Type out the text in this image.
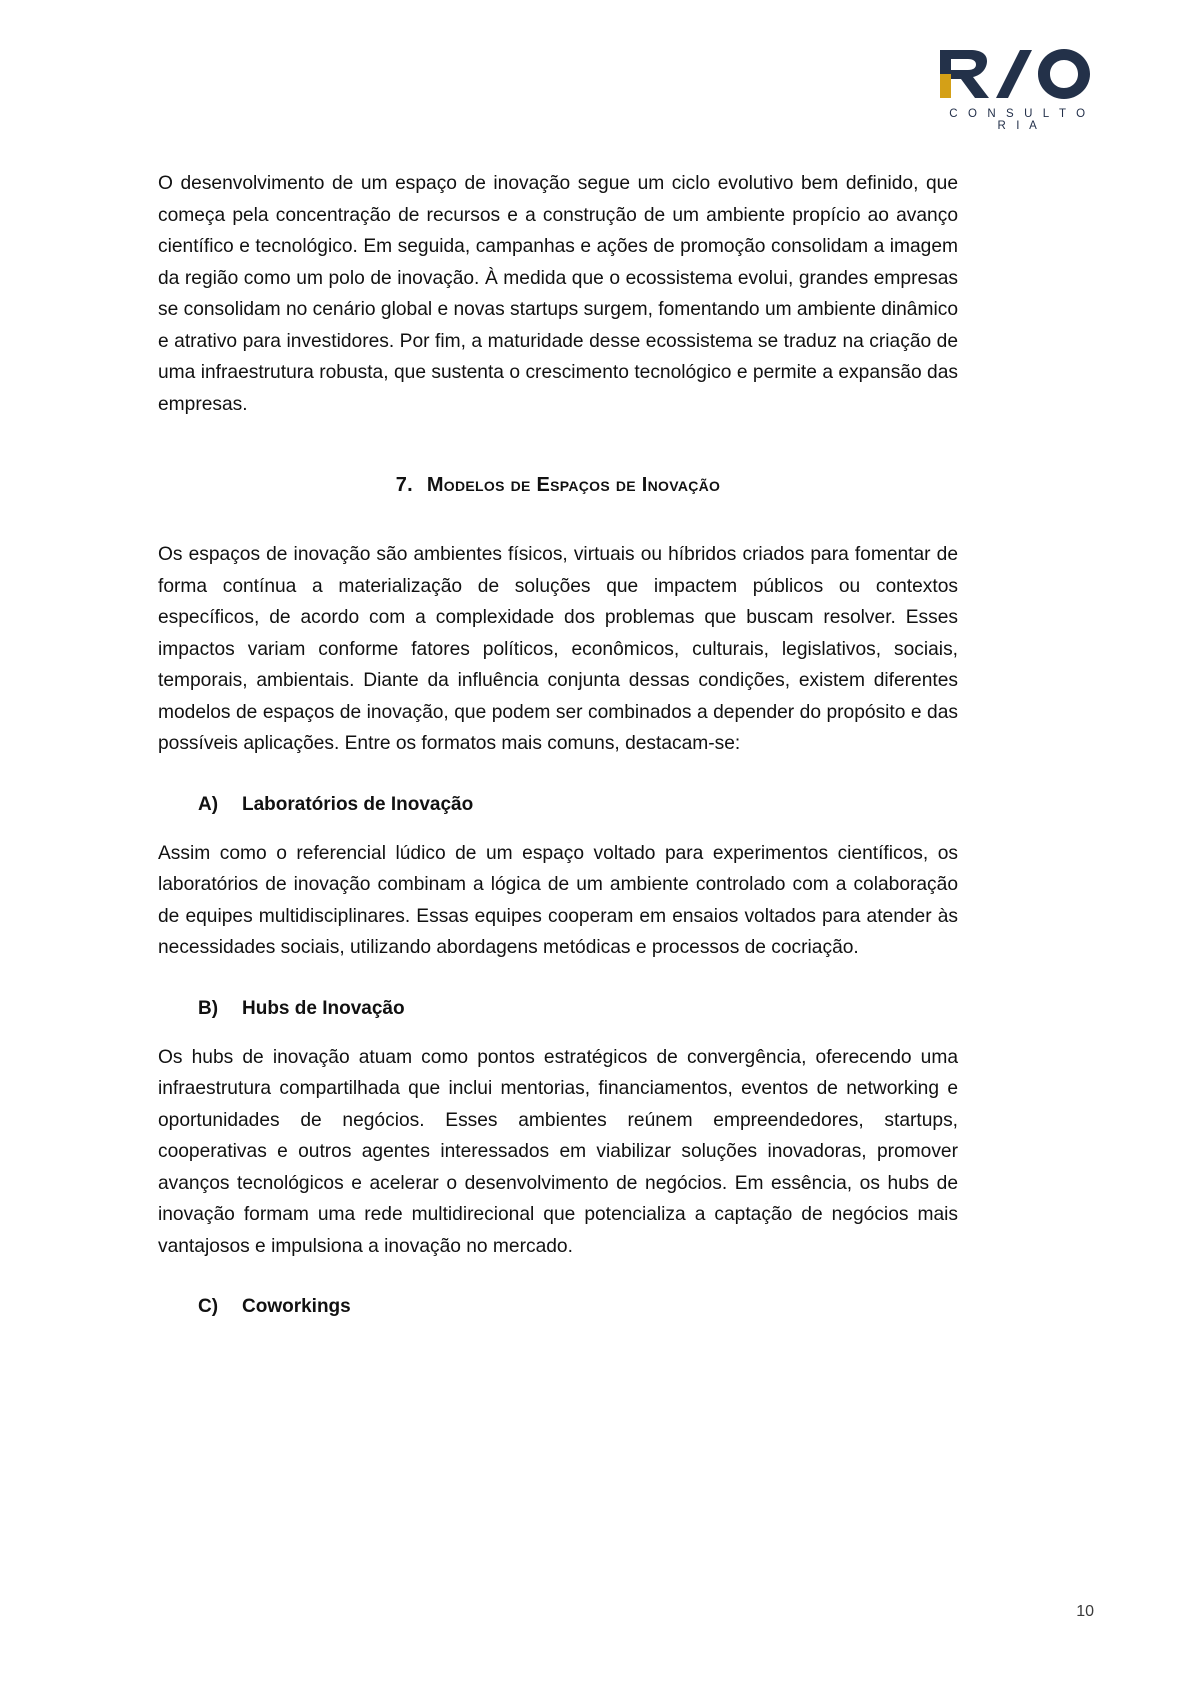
C O N S U L T O R I A

O desenvolvimento de um espaço de inovação segue um ciclo evolutivo bem definido, que começa pela concentração de recursos e a construção de um ambiente propício ao avanço científico e tecnológico. Em seguida, campanhas e ações de promoção consolidam a imagem da região como um polo de inovação. À medida que o ecossistema evolui, grandes empresas se consolidam no cenário global e novas startups surgem, fomentando um ambiente dinâmico e atrativo para investidores. Por fim, a maturidade desse ecossistema se traduz na criação de uma infraestrutura robusta, que sustenta o crescimento tecnológico e permite a expansão das empresas.

7. Modelos de Espaços de Inovação

Os espaços de inovação são ambientes físicos, virtuais ou híbridos criados para fomentar de forma contínua a materialização de soluções que impactem públicos ou contextos específicos, de acordo com a complexidade dos problemas que buscam resolver. Esses impactos variam conforme fatores políticos, econômicos, culturais, legislativos, sociais, temporais, ambientais. Diante da influência conjunta dessas condições, existem diferentes modelos de espaços de inovação, que podem ser combinados a depender do propósito e das possíveis aplicações. Entre os formatos mais comuns, destacam-se:

A) Laboratórios de Inovação

Assim como o referencial lúdico de um espaço voltado para experimentos científicos, os laboratórios de inovação combinam a lógica de um ambiente controlado com a colaboração de equipes multidisciplinares. Essas equipes cooperam em ensaios voltados para atender às necessidades sociais, utilizando abordagens metódicas e processos de cocriação.

B) Hubs de Inovação

Os hubs de inovação atuam como pontos estratégicos de convergência, oferecendo uma infraestrutura compartilhada que inclui mentorias, financiamentos, eventos de networking e oportunidades de negócios. Esses ambientes reúnem empreendedores, startups, cooperativas e outros agentes interessados em viabilizar soluções inovadoras, promover avanços tecnológicos e acelerar o desenvolvimento de negócios. Em essência, os hubs de inovação formam uma rede multidirecional que potencializa a captação de negócios mais vantajosos e impulsiona a inovação no mercado.

C) Coworkings
10
